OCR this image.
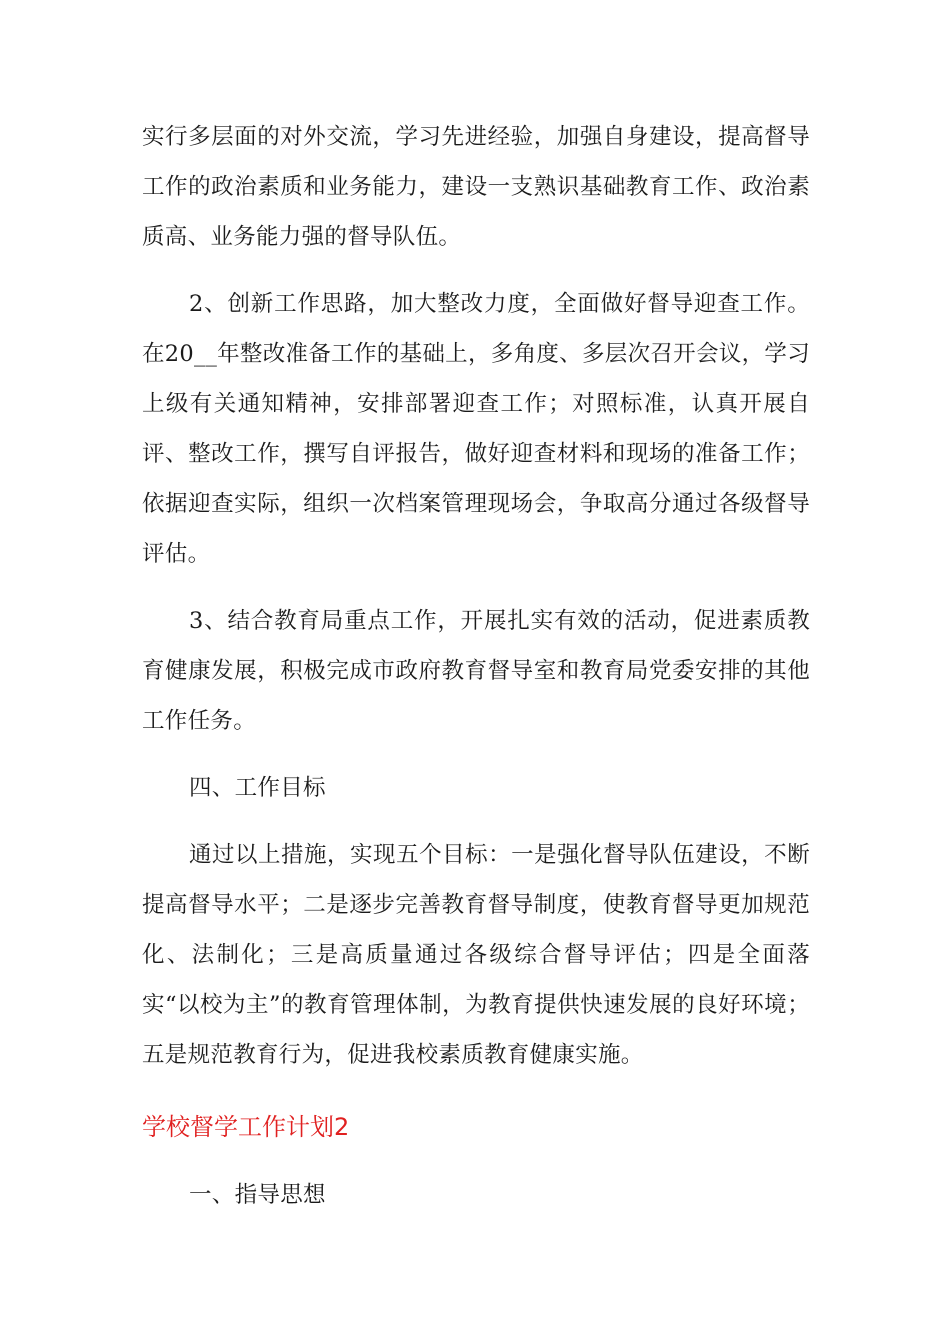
实行多层面的对外交流，学习先进经验，加强自身建设，提高督导工作的政治素质和业务能力，建设一支熟识基础教育工作、政治素质高、业务能力强的督导队伍。

2、创新工作思路，加大整改力度，全面做好督导迎查工作。在20__年整改准备工作的基础上，多角度、多层次召开会议，学习上级有关通知精神，安排部署迎查工作；对照标准，认真开展自评、整改工作，撰写自评报告，做好迎查材料和现场的准备工作；依据迎查实际，组织一次档案管理现场会，争取高分通过各级督导评估。

3、结合教育局重点工作，开展扎实有效的活动，促进素质教育健康发展，积极完成市政府教育督导室和教育局党委安排的其他工作任务。

四、工作目标

通过以上措施，实现五个目标：一是强化督导队伍建设，不断提高督导水平；二是逐步完善教育督导制度，使教育督导更加规范化、法制化；三是高质量通过各级综合督导评估；四是全面落实“以校为主”的教育管理体制，为教育提供快速发展的良好环境；五是规范教育行为，促进我校素质教育健康实施。

学校督学工作计划2

一、指导思想
